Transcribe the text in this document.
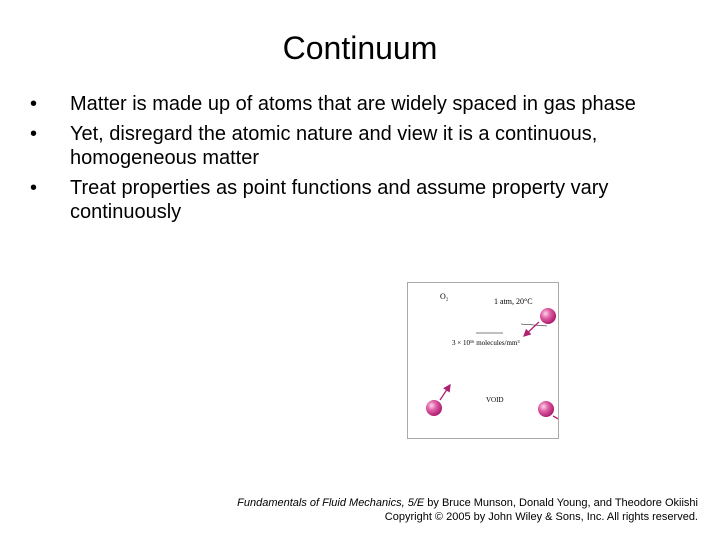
Continuum
• Matter is made up of atoms that are widely spaced in gas phase
• Yet, disregard the atomic nature and view it is a continuous, homogeneous matter
• Treat properties as point functions and assume property vary continuously
O₂
1 atm, 20°C
3 × 10¹⁶ molecules/mm³
VOID
Fundamentals of Fluid Mechanics, 5/E by Bruce Munson, Donald Young, and Theodore Okiishi
Copyright © 2005 by John Wiley & Sons, Inc. All rights reserved.
